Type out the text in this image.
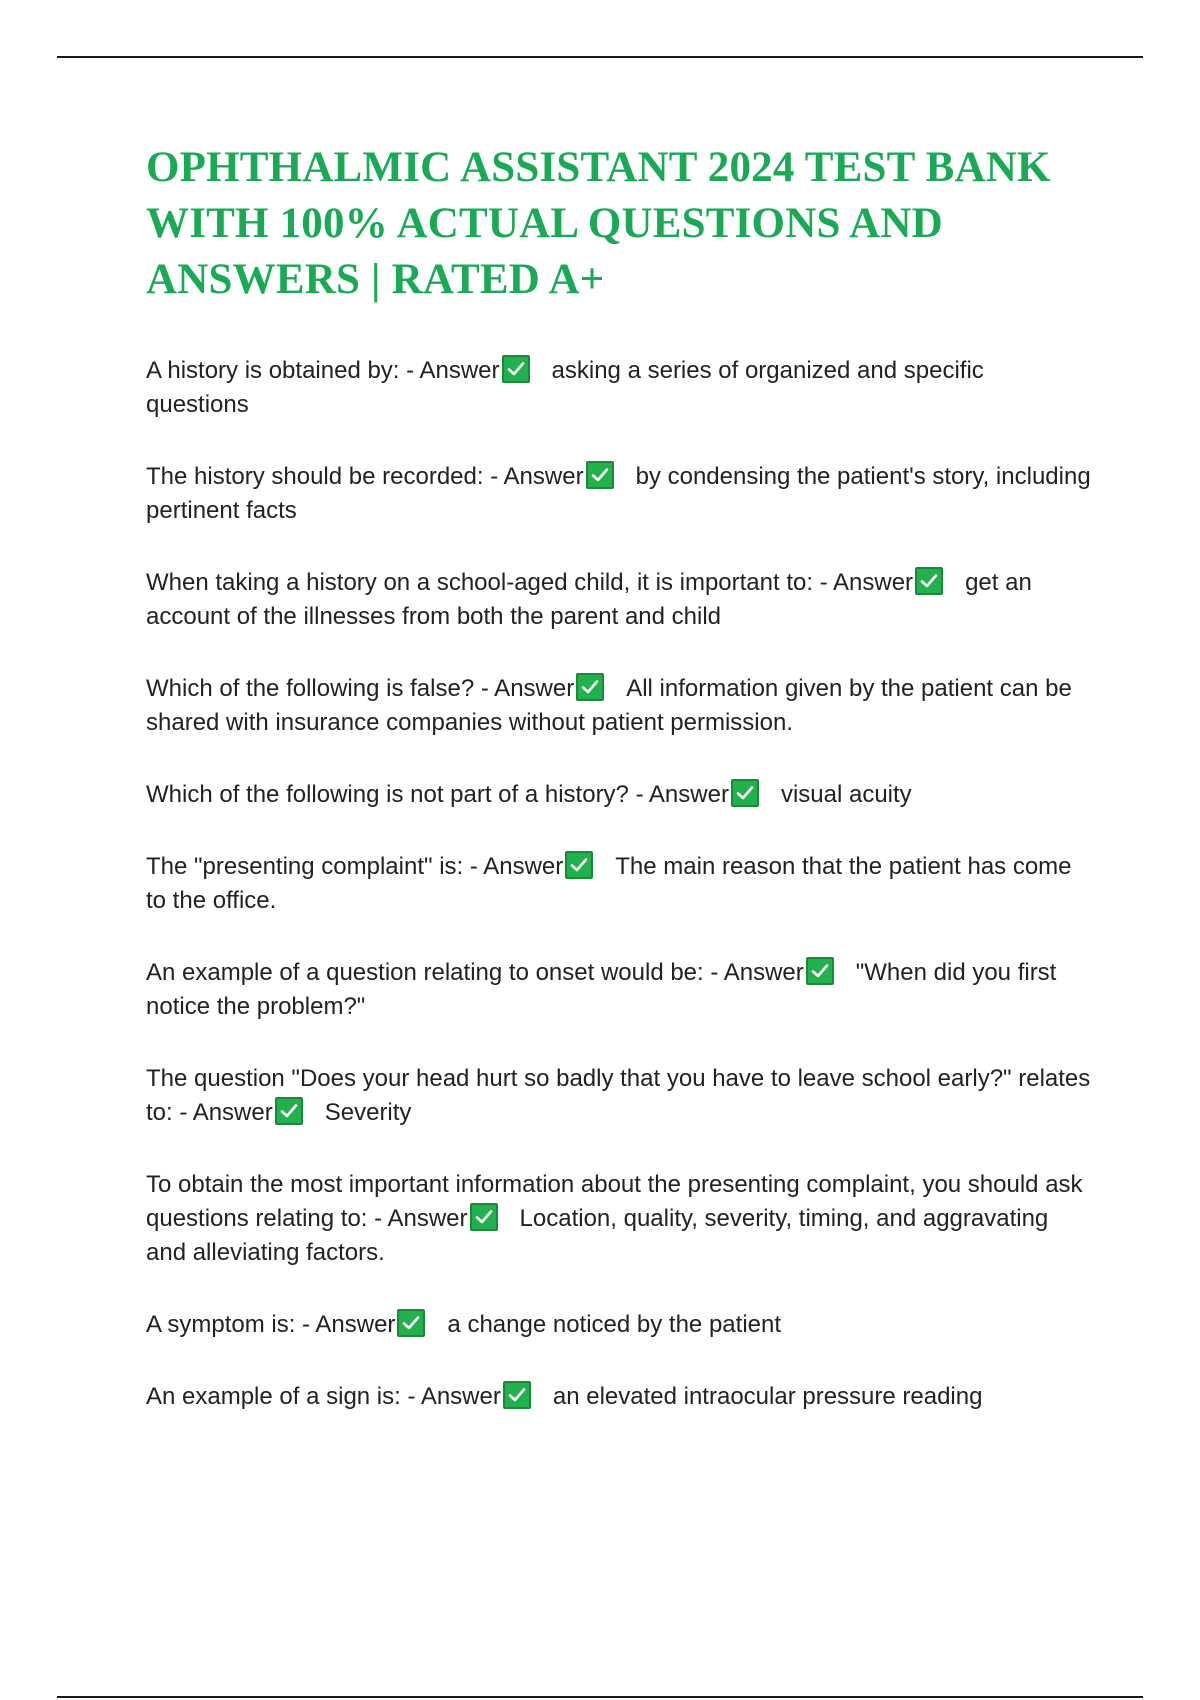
OPHTHALMIC ASSISTANT 2024 TEST BANK WITH 100% ACTUAL QUESTIONS AND ANSWERS | RATED A+

A history is obtained by: - Answer asking a series of organized and specific questions

The history should be recorded: - Answer by condensing the patient's story, including pertinent facts

When taking a history on a school-aged child, it is important to: - Answer get an account of the illnesses from both the parent and child

Which of the following is false? - Answer All information given by the patient can be shared with insurance companies without patient permission.

Which of the following is not part of a history? - Answer visual acuity

The "presenting complaint" is: - Answer The main reason that the patient has come to the office.

An example of a question relating to onset would be: - Answer "When did you first notice the problem?"

The question "Does your head hurt so badly that you have to leave school early?" relates to: - Answer Severity

To obtain the most important information about the presenting complaint, you should ask questions relating to: - Answer Location, quality, severity, timing, and aggravating and alleviating factors.

A symptom is: - Answer a change noticed by the patient

An example of a sign is: - Answer an elevated intraocular pressure reading
